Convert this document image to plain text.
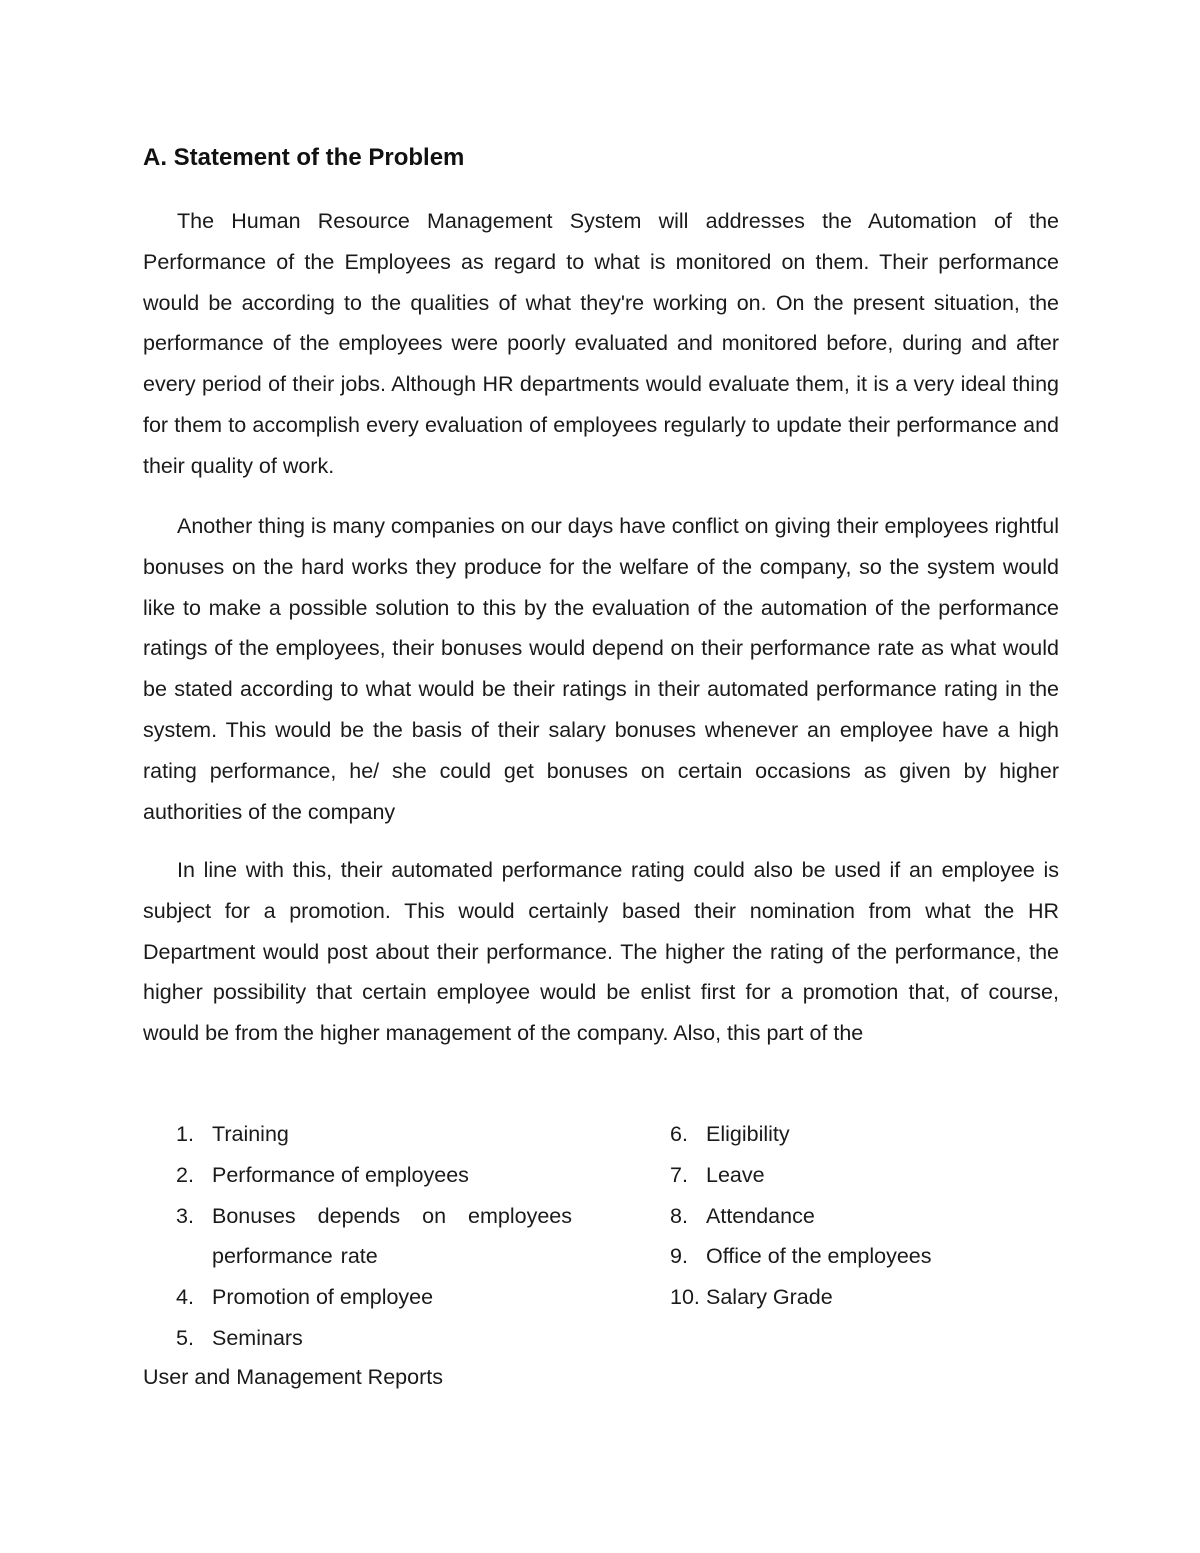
A. Statement of the Problem

The Human Resource Management System will addresses the Automation of the Performance of the Employees as regard to what is monitored on them. Their performance would be according to the qualities of what they're working on. On the present situation, the performance of the employees were poorly evaluated and monitored before, during and after every period of their jobs. Although HR departments would evaluate them, it is a very ideal thing for them to accomplish every evaluation of employees regularly to update their performance and their quality of work.

Another thing is many companies on our days have conflict on giving their employees rightful bonuses on the hard works they produce for the welfare of the company, so the system would like to make a possible solution to this by the evaluation of the automation of the performance ratings of the employees, their bonuses would depend on their performance rate as what would be stated according to what would be their ratings in their automated performance rating in the system. This would be the basis of their salary bonuses whenever an employee have a high rating performance, he/ she could get bonuses on certain occasions as given by higher authorities of the company

In line with this, their automated performance rating could also be used if an employee is subject for a promotion. This would certainly based their nomination from what the HR Department would post about their performance. The higher the rating of the performance, the higher possibility that certain employee would be enlist first for a promotion that, of course, would be from the higher management of the company. Also, this part of the

1. Training
2. Performance of employees
3. Bonuses depends on employees performance rate
4. Promotion of employee
5. Seminars
6. Eligibility
7. Leave
8. Attendance
9. Office of the employees
10. Salary Grade

User and Management Reports
